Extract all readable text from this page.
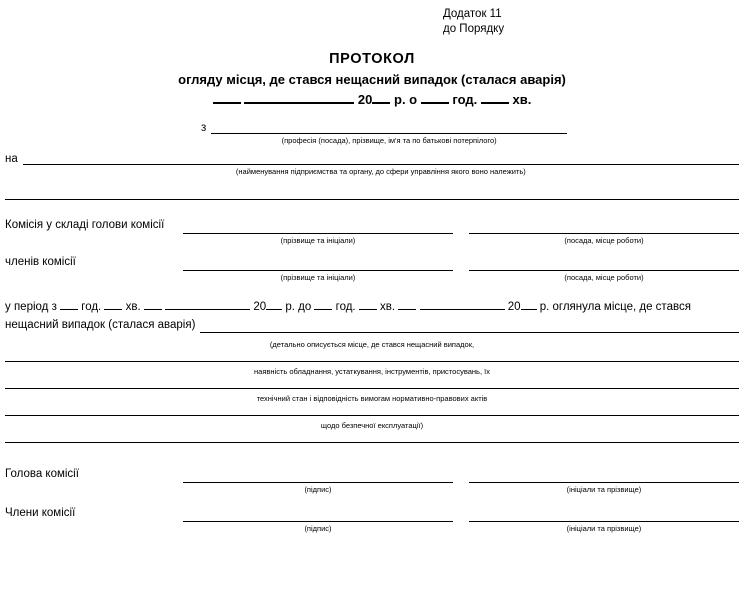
Додаток 11
до Порядку
ПРОТОКОЛ
огляду місця, де стався нещасний випадок (сталася аварія)
20 р. о	год.	хв.
з
(професія (посада), прізвище, ім'я та по батькові потерпілого)
на
(найменування підприємства та органу, до сфери управління якого воно належить)
Комісія у складі голови комісії
(прізвище та ініціали)	(посада, місце роботи)
членів комісії
(прізвище та ініціали)	(посада, місце роботи)
у період з год. хв.	20 р. до год. хв.	20 р. оглянула місце, де стався
нещасний випадок (сталася аварія)
(детально описується місце, де стався нещасний випадок,
наявність обладнання, устаткування, інструментів, пристосувань, їх
технічний стан і відповідність вимогам нормативно-правових актів
щодо безпечної експлуатації)
Голова комісії
(підпис)	(ініціали та прізвище)
Члени комісії
(підпис)	(ініціали та прізвище)
